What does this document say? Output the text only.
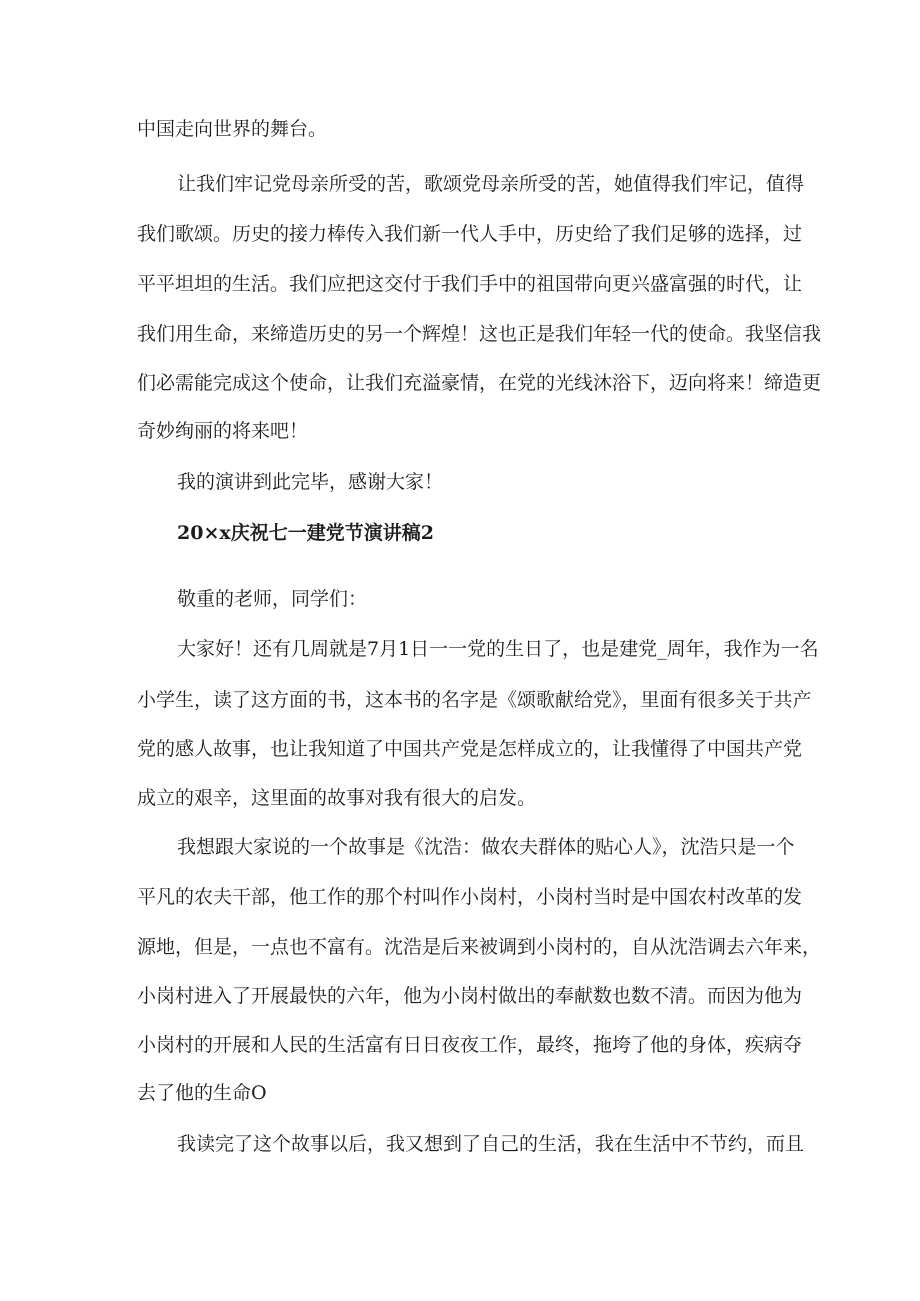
中国走向世界的舞台。
让我们牢记党母亲所受的苦，歌颂党母亲所受的苦，她值得我们牢记，值得
我们歌颂。历史的接力棒传入我们新一代人手中，历史给了我们足够的选择，过
平平坦坦的生活。我们应把这交付于我们手中的祖国带向更兴盛富强的时代，让
我们用生命，来缔造历史的另一个辉煌！这也正是我们年轻一代的使命。我坚信我
们必需能完成这个使命，让我们充溢豪情，在党的光线沐浴下，迈向将来！缔造更
奇妙绚丽的将来吧！
我的演讲到此完毕，感谢大家！
20×x庆祝七一建党节演讲稿2
敬重的老师，同学们：
大家好！还有几周就是7月1日一一党的生日了，也是建党_周年，我作为一名
小学生，读了这方面的书，这本书的名字是《颂歌献给党》，里面有很多关于共产
党的感人故事，也让我知道了中国共产党是怎样成立的，让我懂得了中国共产党
成立的艰辛，这里面的故事对我有很大的启发。
我想跟大家说的一个故事是《沈浩：做农夫群体的贴心人》，沈浩只是一个
平凡的农夫干部，他工作的那个村叫作小岗村，小岗村当时是中国农村改革的发
源地，但是，一点也不富有。沈浩是后来被调到小岗村的，自从沈浩调去六年来，
小岗村进入了开展最快的六年，他为小岗村做出的奉献数也数不清。而因为他为
小岗村的开展和人民的生活富有日日夜夜工作，最终，拖垮了他的身体，疾病夺
去了他的生命O
我读完了这个故事以后，我又想到了自己的生活，我在生活中不节约，而且
